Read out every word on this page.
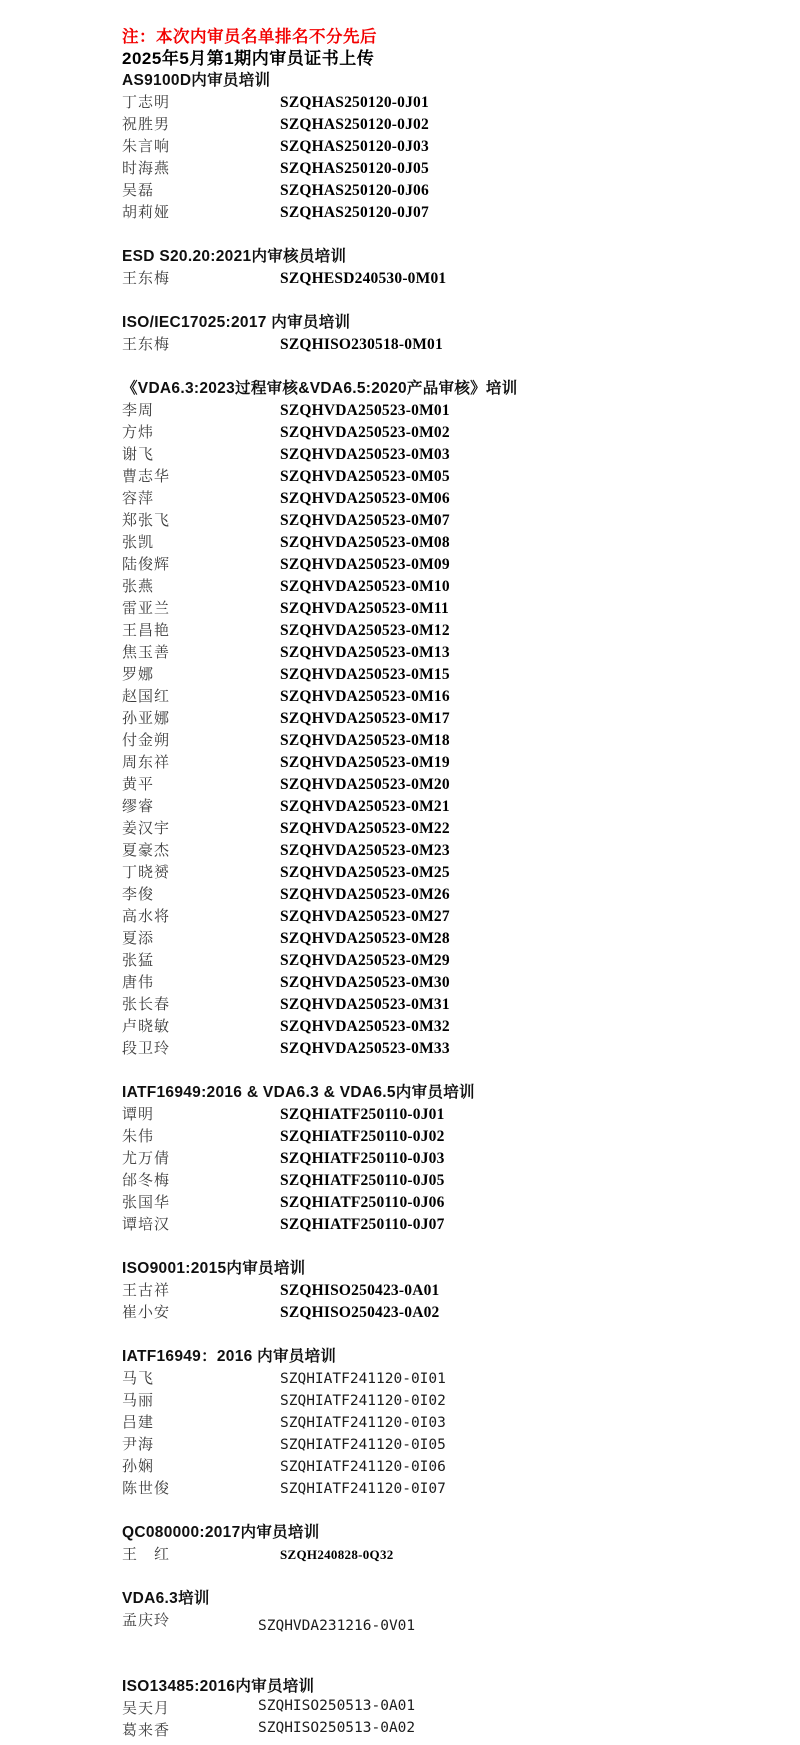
注：本次内审员名单排名不分先后
2025年5月第1期内审员证书上传
AS9100D内审员培训
丁志明	SZQHAS250120-0J01
祝胜男	SZQHAS250120-0J02
朱言响	SZQHAS250120-0J03
时海燕	SZQHAS250120-0J05
吴磊	SZQHAS250120-0J06
胡莉娅	SZQHAS250120-0J07
ESD S20.20:2021内审核员培训
王东梅	SZQHESD240530-0M01
ISO/IEC17025:2017 内审员培训
王东梅	SZQHISO230518-0M01
《VDA6.3:2023过程审核&VDA6.5:2020产品审核》培训
李周	SZQHVDA250523-0M01
方炜	SZQHVDA250523-0M02
谢飞	SZQHVDA250523-0M03
曹志华	SZQHVDA250523-0M05
容萍	SZQHVDA250523-0M06
郑张飞	SZQHVDA250523-0M07
张凯	SZQHVDA250523-0M08
陆俊辉	SZQHVDA250523-0M09
张燕	SZQHVDA250523-0M10
雷亚兰	SZQHVDA250523-0M11
王昌艳	SZQHVDA250523-0M12
焦玉善	SZQHVDA250523-0M13
罗娜	SZQHVDA250523-0M15
赵国红	SZQHVDA250523-0M16
孙亚娜	SZQHVDA250523-0M17
付金朔	SZQHVDA250523-0M18
周东祥	SZQHVDA250523-0M19
黄平	SZQHVDA250523-0M20
缪睿	SZQHVDA250523-0M21
姜汉宇	SZQHVDA250523-0M22
夏豪杰	SZQHVDA250523-0M23
丁晓赟	SZQHVDA250523-0M25
李俊	SZQHVDA250523-0M26
高水将	SZQHVDA250523-0M27
夏添	SZQHVDA250523-0M28
张猛	SZQHVDA250523-0M29
唐伟	SZQHVDA250523-0M30
张长春	SZQHVDA250523-0M31
卢晓敏	SZQHVDA250523-0M32
段卫玲	SZQHVDA250523-0M33
IATF16949:2016 & VDA6.3 & VDA6.5内审员培训
谭明	SZQHIATF250110-0J01
朱伟	SZQHIATF250110-0J02
尤万倩	SZQHIATF250110-0J03
邰冬梅	SZQHIATF250110-0J05
张国华	SZQHIATF250110-0J06
谭培汉	SZQHIATF250110-0J07
ISO9001:2015内审员培训
王古祥	SZQHISO250423-0A01
崔小安	SZQHISO250423-0A02
IATF16949：2016 内审员培训
马飞	SZQHIATF241120-0I01
马丽	SZQHIATF241120-0I02
吕建	SZQHIATF241120-0I03
尹海	SZQHIATF241120-0I05
孙娴	SZQHIATF241120-0I06
陈世俊	SZQHIATF241120-0I07
QC080000:2017内审员培训
王　红	SZQH240828-0Q32
VDA6.3培训
孟庆玲	SZQHVDA231216-0V01
ISO13485:2016内审员培训
吴天月	SZQHISO250513-0A01
葛来香	SZQHISO250513-0A02
